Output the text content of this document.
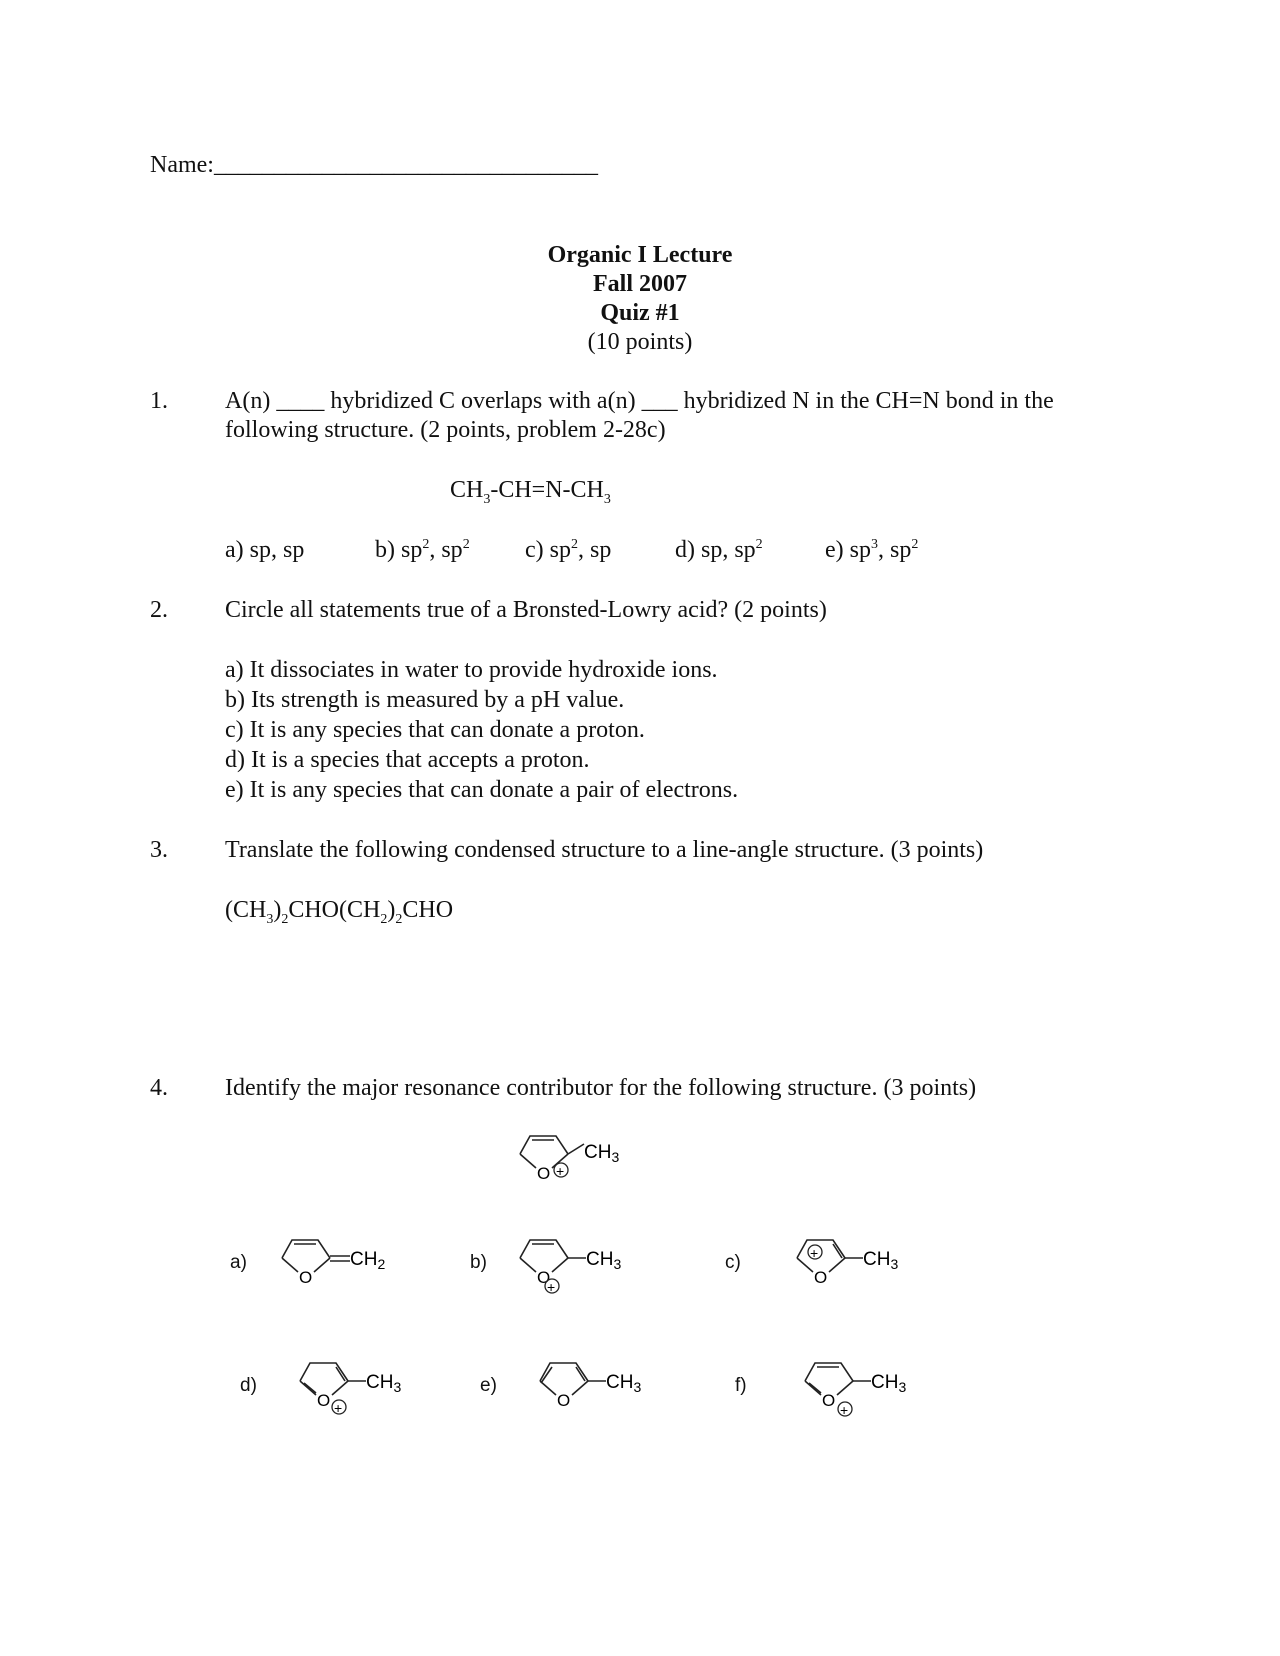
Name:________________________________
Organic I Lecture
Fall 2007
Quiz #1
(10 points)
1. A(n) ____ hybridized C overlaps with a(n) ___ hybridized N in the CH=N bond in the
following structure. (2 points, problem 2-28c)
$CH_3-CH=N-CH_3$
a) sp, sp	b) $sp^2$, $sp^2$ c) $sp^2$, sp	d) sp, $sp^2$	e) $sp^3$, $sp^2$
2. Circle all statements true of a Bronsted-Lowry acid? (2 points)
a) It dissociates in water to provide hydroxide ions.
b) Its strength is measured by a pH value.
c) It is any species that can donate a proton.
d) It is a species that accepts a proton.
e) It is any species that can donate a pair of electrons.
3. Translate the following condensed structure to a line-angle structure. (3 points)
$(CH_3)_2CHO(CH_2)_2CHO$
4. Identify the major resonance contributor for the following structure. (3 points)
O +
$CH_3$
a)
O
$CH_2$	b)
O
+
$CH_3$	c)
O
+ $CH_3$
d)
O +
$CH_3$	e)
O
$CH_3$	f)
O +
$CH_3$
